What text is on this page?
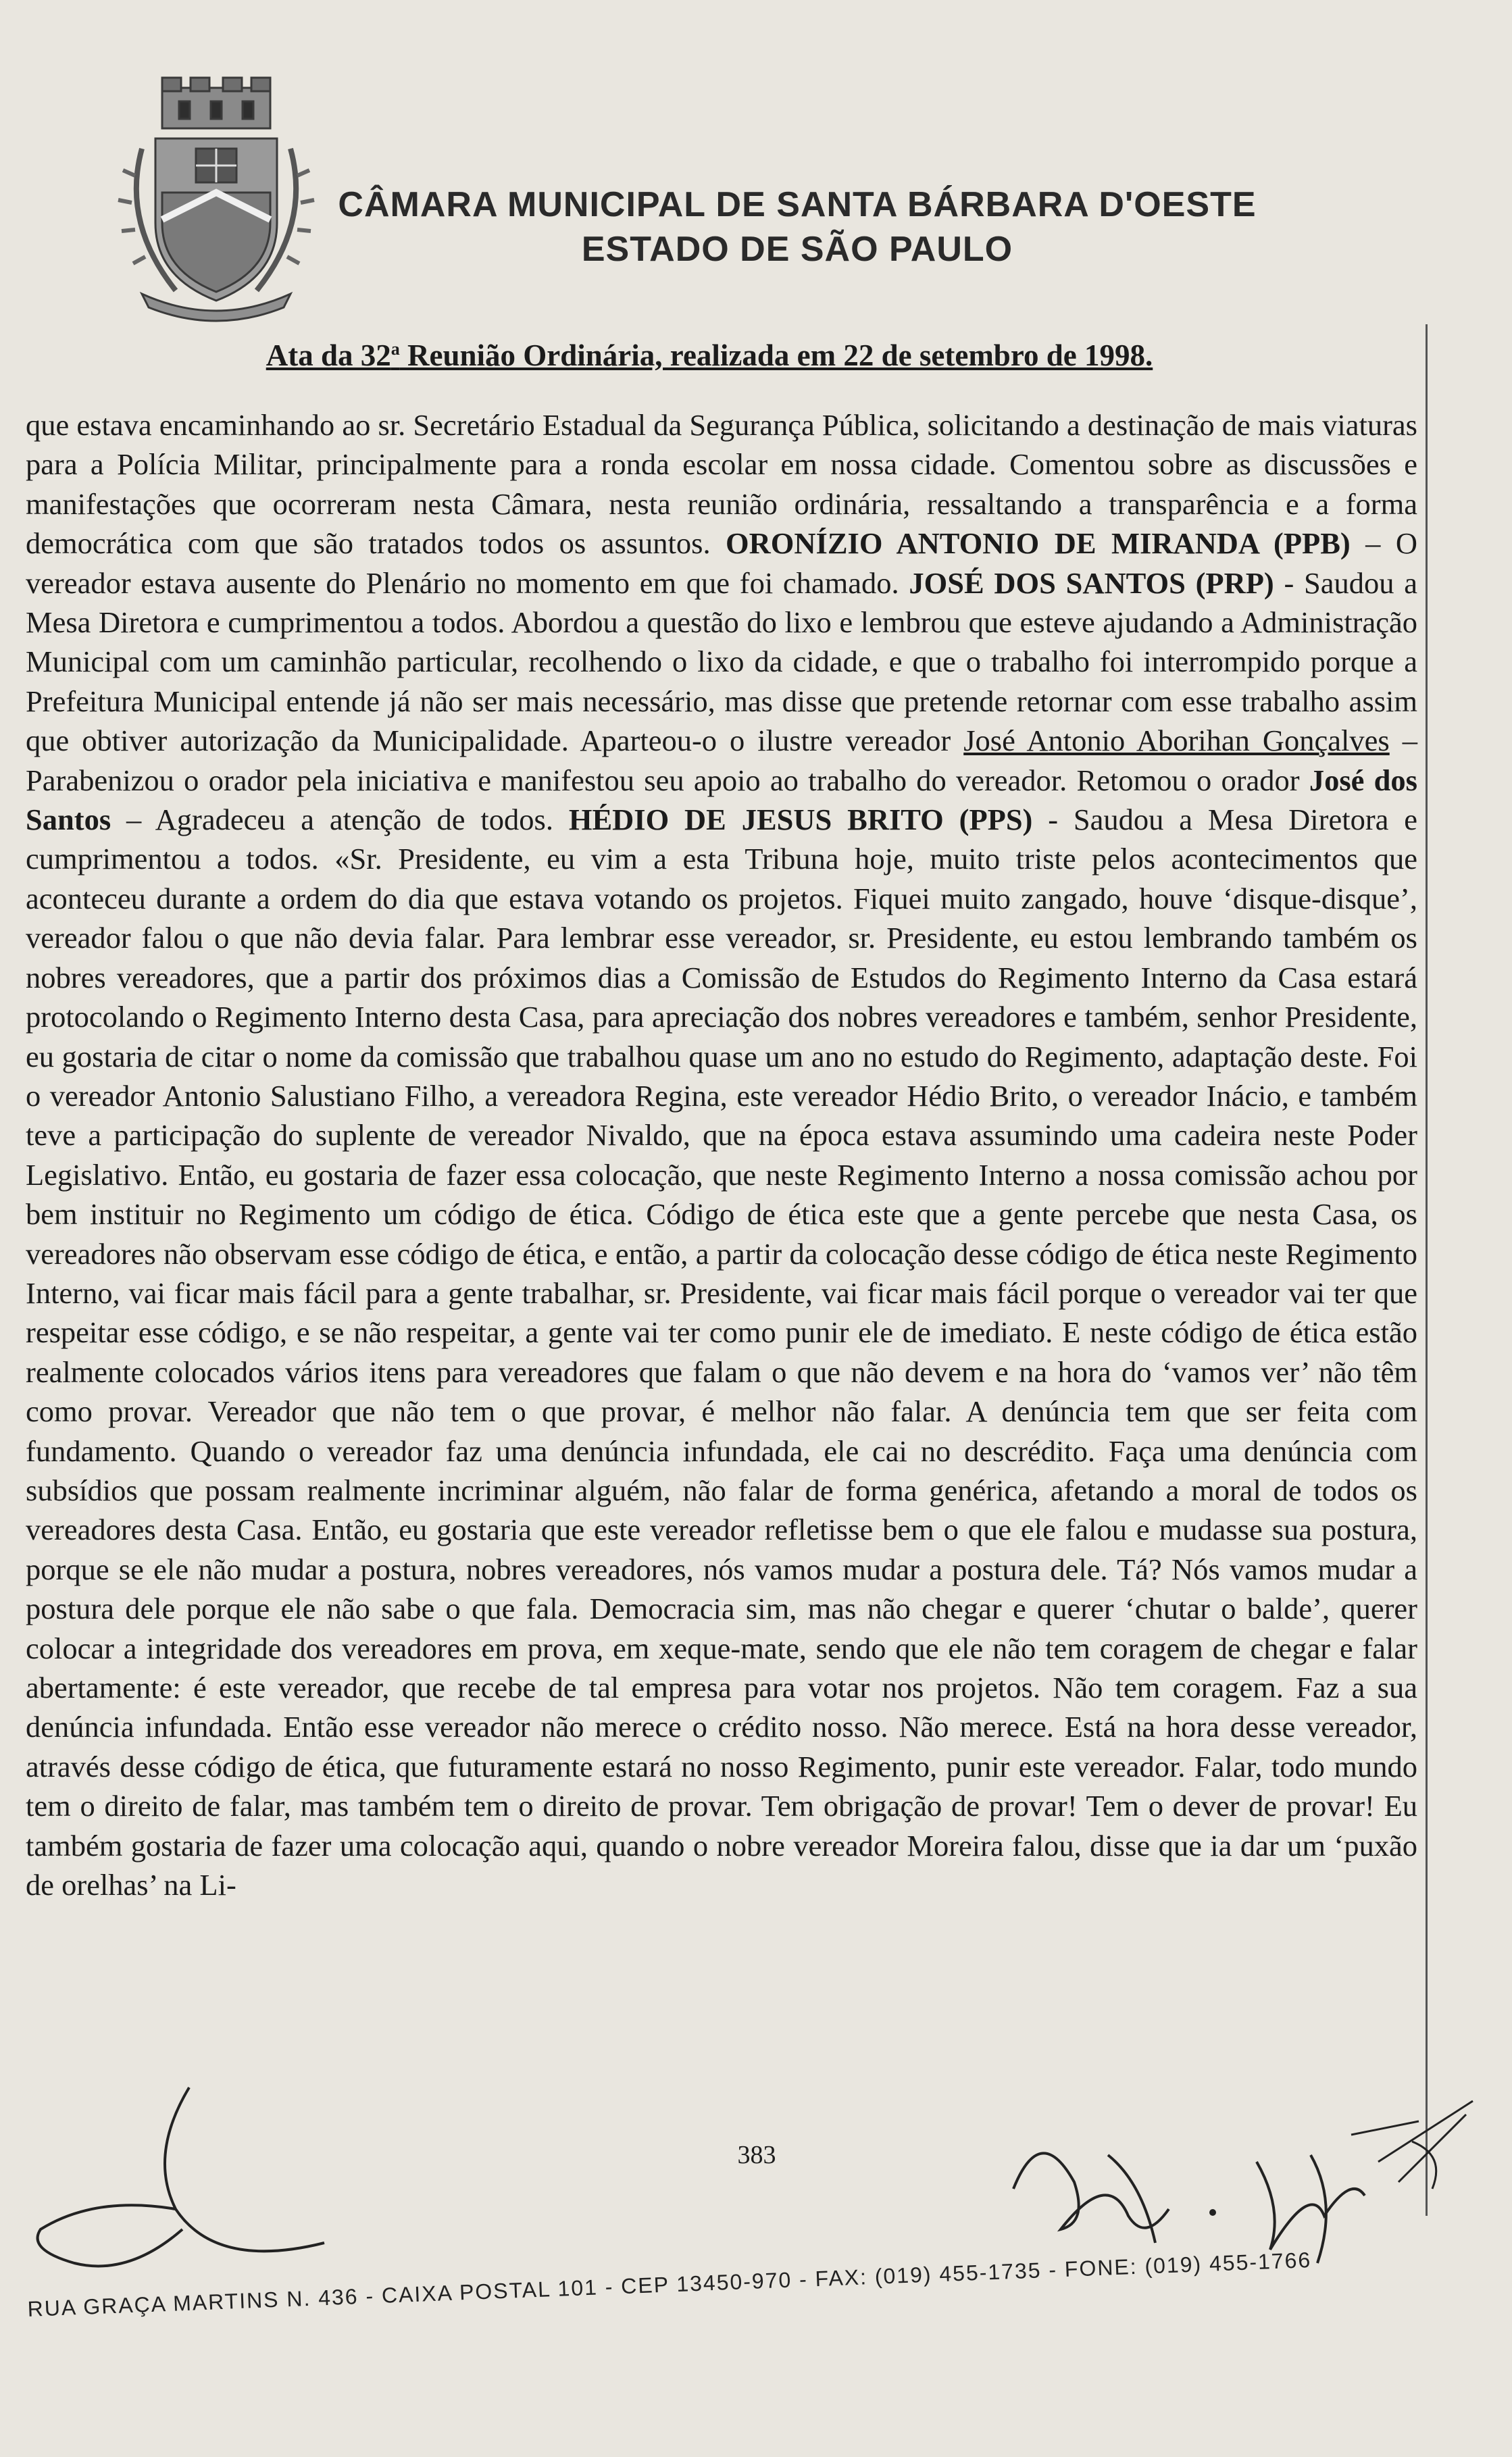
CÂMARA MUNICIPAL DE SANTA BÁRBARA D'OESTE
ESTADO DE SÃO PAULO
Ata da 32$^a$ Reunião Ordinária, realizada em 22 de setembro de 1998.

que estava encaminhando ao sr. Secretário Estadual da Segurança Pública, solicitando a destinação de mais viaturas para a Polícia Militar, principalmente para a ronda escolar em nossa cidade. Comentou sobre as discussões e manifestações que ocorreram nesta Câmara, nesta reunião ordinária, ressaltando a transparência e a forma democrática com que são tratados todos os assuntos. ORONÍZIO ANTONIO DE MIRANDA (PPB) – O vereador estava ausente do Plenário no momento em que foi chamado. JOSÉ DOS SANTOS (PRP) - Saudou a Mesa Diretora e cumprimentou a todos. Abordou a questão do lixo e lembrou que esteve ajudando a Administração Municipal com um caminhão particular, recolhendo o lixo da cidade, e que o trabalho foi interrompido porque a Prefeitura Municipal entende já não ser mais necessário, mas disse que pretende retornar com esse trabalho assim que obtiver autorização da Municipalidade. Aparteou-o o ilustre vereador José Antonio Aborihan Gonçalves – Parabenizou o orador pela iniciativa e manifestou seu apoio ao trabalho do vereador. Retomou o orador José dos Santos – Agradeceu a atenção de todos. HÉDIO DE JESUS BRITO (PPS) - Saudou a Mesa Diretora e cumprimentou a todos. «Sr. Presidente, eu vim a esta Tribuna hoje, muito triste pelos acontecimentos que aconteceu durante a ordem do dia que estava votando os projetos. Fiquei muito zangado, houve ‘disque-disque’, vereador falou o que não devia falar. Para lembrar esse vereador, sr. Presidente, eu estou lembrando também os nobres vereadores, que a partir dos próximos dias a Comissão de Estudos do Regimento Interno da Casa estará protocolando o Regimento Interno desta Casa, para apreciação dos nobres vereadores e também, senhor Presidente, eu gostaria de citar o nome da comissão que trabalhou quase um ano no estudo do Regimento, adaptação deste. Foi o vereador Antonio Salustiano Filho, a vereadora Regina, este vereador Hédio Brito, o vereador Inácio, e também teve a participação do suplente de vereador Nivaldo, que na época estava assumindo uma cadeira neste Poder Legislativo. Então, eu gostaria de fazer essa colocação, que neste Regimento Interno a nossa comissão achou por bem instituir no Regimento um código de ética. Código de ética este que a gente percebe que nesta Casa, os vereadores não observam esse código de ética, e então, a partir da colocação desse código de ética neste Regimento Interno, vai ficar mais fácil para a gente trabalhar, sr. Presidente, vai ficar mais fácil porque o vereador vai ter que respeitar esse código, e se não respeitar, a gente vai ter como punir ele de imediato. E neste código de ética estão realmente colocados vários itens para vereadores que falam o que não devem e na hora do ‘vamos ver’ não têm como provar. Vereador que não tem o que provar, é melhor não falar. A denúncia tem que ser feita com fundamento. Quando o vereador faz uma denúncia infundada, ele cai no descrédito. Faça uma denúncia com subsídios que possam realmente incriminar alguém, não falar de forma genérica, afetando a moral de todos os vereadores desta Casa. Então, eu gostaria que este vereador refletisse bem o que ele falou e mudasse sua postura, porque se ele não mudar a postura, nobres vereadores, nós vamos mudar a postura dele. Tá? Nós vamos mudar a postura dele porque ele não sabe o que fala. Democracia sim, mas não chegar e querer ‘chutar o balde’, querer colocar a integridade dos vereadores em prova, em xeque-mate, sendo que ele não tem coragem de chegar e falar abertamente: é este vereador, que recebe de tal empresa para votar nos projetos. Não tem coragem. Faz a sua denúncia infundada. Então esse vereador não merece o crédito nosso. Não merece. Está na hora desse vereador, através desse código de ética, que futuramente estará no nosso Regimento, punir este vereador. Falar, todo mundo tem o direito de falar, mas também tem o direito de provar. Tem obrigação de provar! Tem o dever de provar! Eu também gostaria de fazer uma colocação aqui, quando o nobre vereador Moreira falou, disse que ia dar um ‘puxão de orelhas’ na Li-

383
RUA GRAÇA MARTINS N. 436 - CAIXA POSTAL 101 - CEP 13450-970 - FAX: (019) 455-1735 - FONE: (019) 455-1766
